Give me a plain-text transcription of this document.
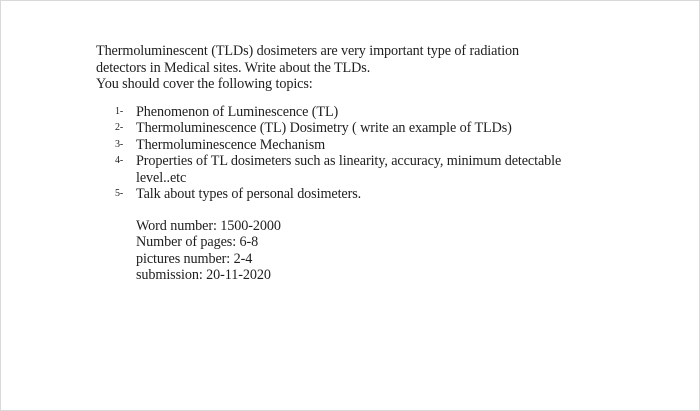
Thermoluminescent (TLDs) dosimeters are very important type of radiation

detectors in Medical sites. Write about the TLDs.

You should cover the following topics:

1- Phenomenon of Luminescence (TL)
2- Thermoluminescence (TL) Dosimetry ( write an example of TLDs)
3- Thermoluminescence Mechanism
4- Properties of TL dosimeters such as linearity, accuracy, minimum detectable level..etc
5- Talk about types of personal dosimeters.

Word number: 1500-2000

Number of pages: 6-8

pictures number: 2-4

submission: 20-11-2020
